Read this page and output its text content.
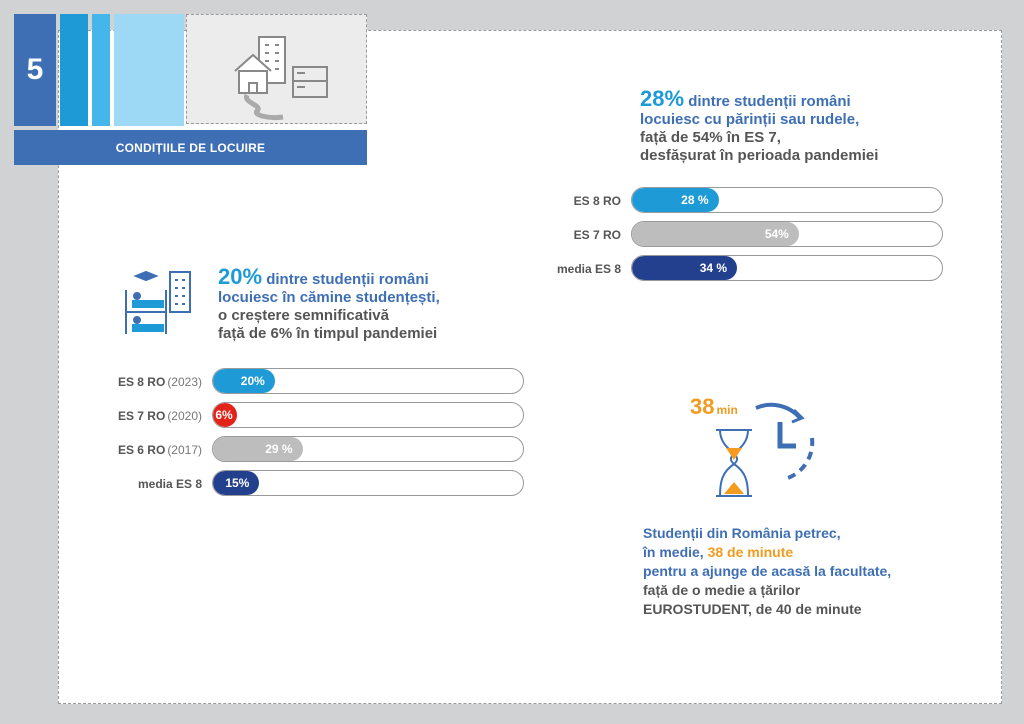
5
CONDIȚIILE DE LOCUIRE
28% dintre studenții români
locuiesc cu părinții sau rudele,
față de 54% în ES 7,
desfășurat în perioada pandemiei
ES 8 RO	28 %
ES 7 RO	54%
media ES 8	34 %
20% dintre studenții români
locuiesc în cămine studențești,
o creștere semnificativă
față de 6% în timpul pandemiei
ES 8 RO (2023)	20%
ES 7 RO (2020) 6%
ES 6 RO (2017)	29 %
media ES 8 15%
38 min
Studenții din România petrec,
în medie, 38 de minute
pentru a ajunge de acasă la facultate,
față de o medie a țărilor
EUROSTUDENT, de 40 de minute
